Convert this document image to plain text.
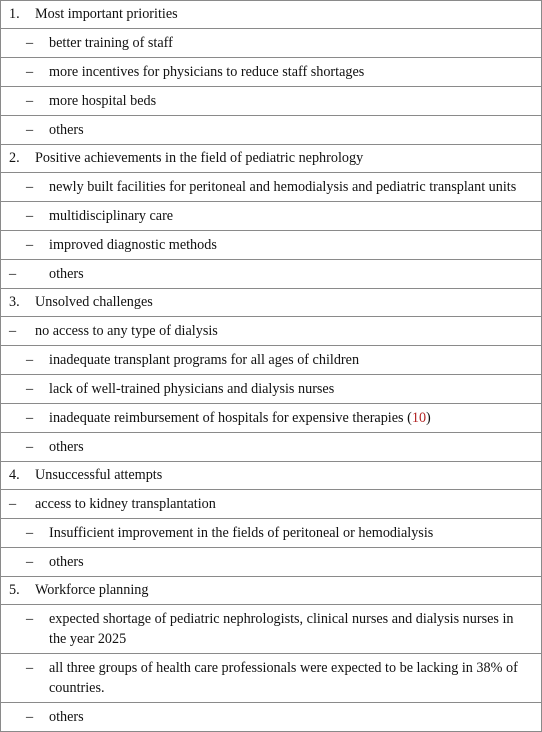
1. Most important priorities
– better training of staff
– more incentives for physicians to reduce staff shortages
– more hospital beds
– others
2. Positive achievements in the field of pediatric nephrology
– newly built facilities for peritoneal and hemodialysis and pediatric transplant units
– multidisciplinary care
– improved diagnostic methods
– others
3. Unsolved challenges
– no access to any type of dialysis
– inadequate transplant programs for all ages of children
– lack of well-trained physicians and dialysis nurses
– inadequate reimbursement of hospitals for expensive therapies (10)
– others
4. Unsuccessful attempts
– access to kidney transplantation
– Insufficient improvement in the fields of peritoneal or hemodialysis
– others
5. Workforce planning
– expected shortage of pediatric nephrologists, clinical nurses and dialysis nurses in the year 2025
– all three groups of health care professionals were expected to be lacking in 38% of countries.
– others
